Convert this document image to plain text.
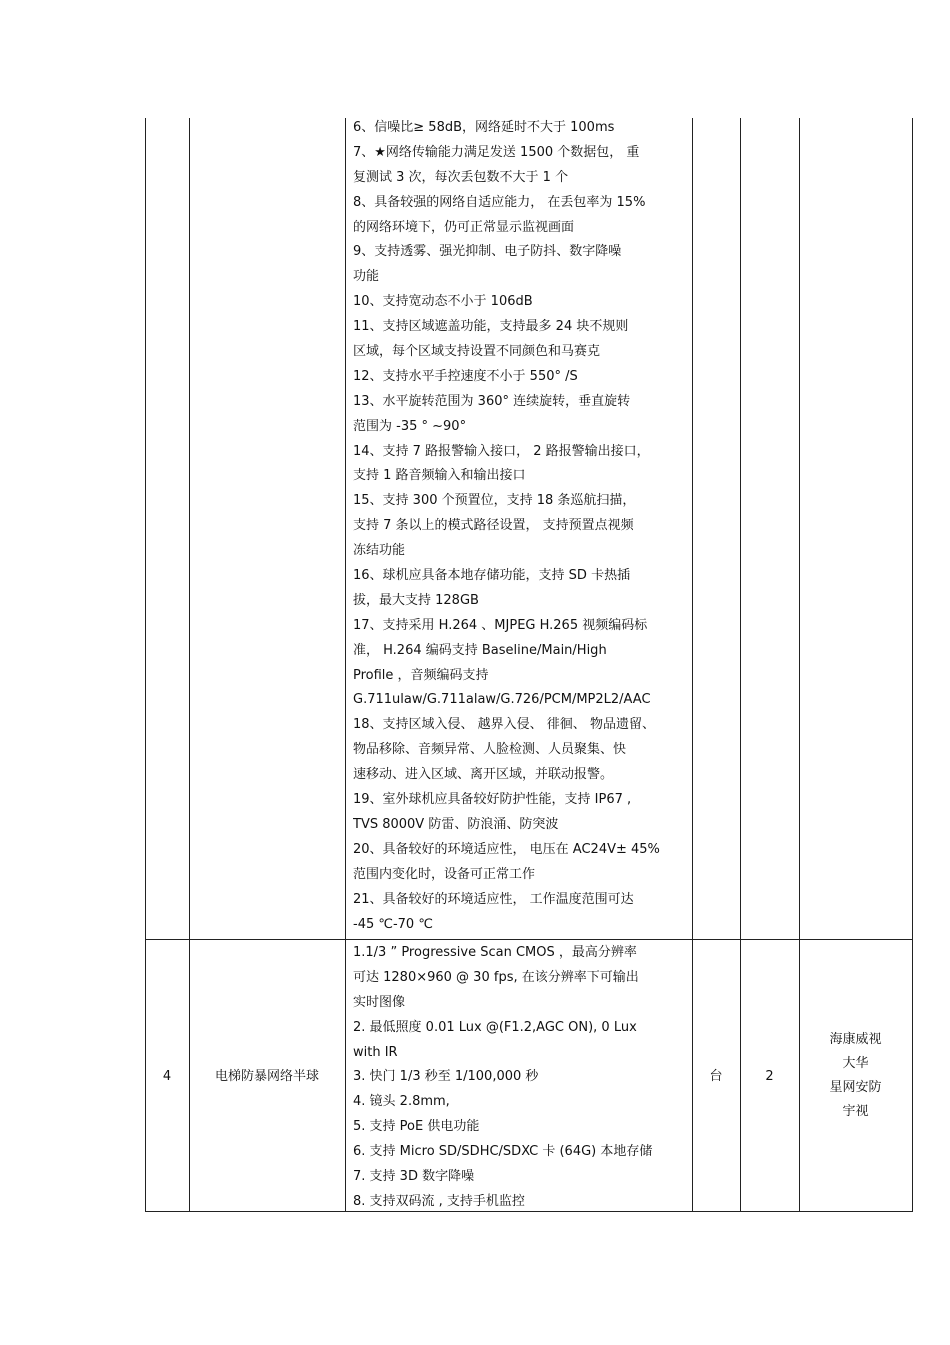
6、信噪比≥ 58dB，网络延时不大于 100ms
7、★网络传输能力满足发送 1500 个数据包， 重
复测试 3 次，每次丢包数不大于 1 个
8、具备较强的网络自适应能力， 在丢包率为 15%
的网络环境下，仍可正常显示监视画面
9、支持透雾、强光抑制、电子防抖、数字降噪
功能
10、支持宽动态不小于 106dB
11、支持区域遮盖功能，支持最多 24 块不规则
区域，每个区域支持设置不同颜色和马赛克
12、支持水平手控速度不小于 550° /S
13、水平旋转范围为 360° 连续旋转，垂直旋转
范围为 -35 ° ~90°
14、支持 7 路报警输入接口， 2 路报警输出接口，
支持 1 路音频输入和输出接口
15、支持 300 个预置位，支持 18 条巡航扫描，
支持 7 条以上的模式路径设置， 支持预置点视频
冻结功能
16、球机应具备本地存储功能，支持 SD 卡热插
拔，最大支持 128GB
17、支持采用 H.264 、MJPEG H.265 视频编码标
准， H.264 编码支持 Baseline/Main/High
Profile ，音频编码支持
G.711ulaw/G.711alaw/G.726/PCM/MP2L2/AAC
18、支持区域入侵、 越界入侵、 徘徊、 物品遗留、
物品移除、音频异常、人脸检测、人员聚集、快
速移动、进入区域、离开区域，并联动报警。
19、室外球机应具备较好防护性能，支持 IP67 ,
TVS 8000V 防雷、防浪涌、防突波
20、具备较好的环境适应性， 电压在 AC24V± 45%
范围内变化时，设备可正常工作
21、具备较好的环境适应性， 工作温度范围可达
-45 ℃-70 ℃
4	电梯防暴网络半球
1.1/3 ” Progressive Scan CMOS ，最高分辨率
可达 1280×960 @ 30 fps, 在该分辨率下可输出
实时图像
2. 最低照度 0.01 Lux @(F1.2,AGC ON), 0 Lux
with IR
3. 快门 1/3 秒至 1/100,000 秒
4. 镜头 2.8mm,
5. 支持 PoE 供电功能
6. 支持 Micro SD/SDHC/SDXC 卡 (64G) 本地存储
7. 支持 3D 数字降噪
8. 支持双码流 , 支持手机监控
台	2
海康威视
大华
星网安防
宇视
